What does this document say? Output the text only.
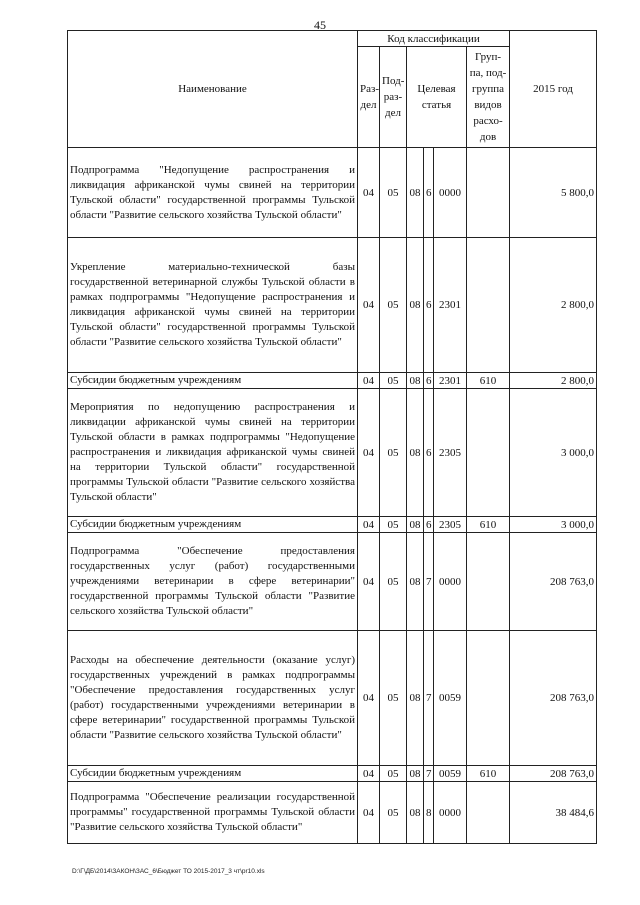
45
Наименование	Код классификации						2015 год
	Раз-дел	Под-раз-дел	Целевая статья			Груп-па, под-группа видов расхо-дов	
Подпрограмма "Недопущение распространения и ликвидация африканской чумы свиней на территории Тульской области" государственной программы Тульской области "Развитие сельского хозяйства Тульской области"	04	05	08	6	0000		5 800,0
Укрепление материально-технической базы государственной ветеринарной службы Тульской области в рамках подпрограммы "Недопущение распространения и ликвидация африканской чумы свиней на территории Тульской области" государственной программы Тульской области "Развитие сельского хозяйства Тульской области"	04	05	08	6	2301		2 800,0
Субсидии бюджетным учреждениям	04	05	08	6	2301	610	2 800,0
Мероприятия по недопущению распространения и ликвидации африканской чумы свиней на территории Тульской области в рамках подпрограммы "Недопущение распространения и ликвидация африканской чумы свиней на территории Тульской области" государственной программы Тульской области "Развитие сельского хозяйства Тульской области"	04	05	08	6	2305		3 000,0
Субсидии бюджетным учреждениям	04	05	08	6	2305	610	3 000,0
Подпрограмма "Обеспечение предоставления государственных услуг (работ) государственными учреждениями ветеринарии в сфере ветеринарии" государственной программы Тульской области "Развитие сельского хозяйства Тульской области"	04	05	08	7	0000		208 763,0
Расходы на обеспечение деятельности (оказание услуг) государственных учреждений в рамках подпрограммы "Обеспечение предоставления государственных услуг (работ) государственными учреждениями ветеринарии в сфере ветеринарии" государственной программы Тульской области "Развитие сельского хозяйства Тульской области"	04	05	08	7	0059		208 763,0
Субсидии бюджетным учреждениям	04	05	08	7	0059	610	208 763,0
Подпрограмма "Обеспечение реализации государственной программы" государственной программы Тульской области "Развитие сельского хозяйства Тульской области"	04	05	08	8	0000		38 484,6
D:\Г\ДБ\2014\ЗАКОН\ЗАС_6\Бюджет ТО 2015-2017_3 чт\pr10.xls
